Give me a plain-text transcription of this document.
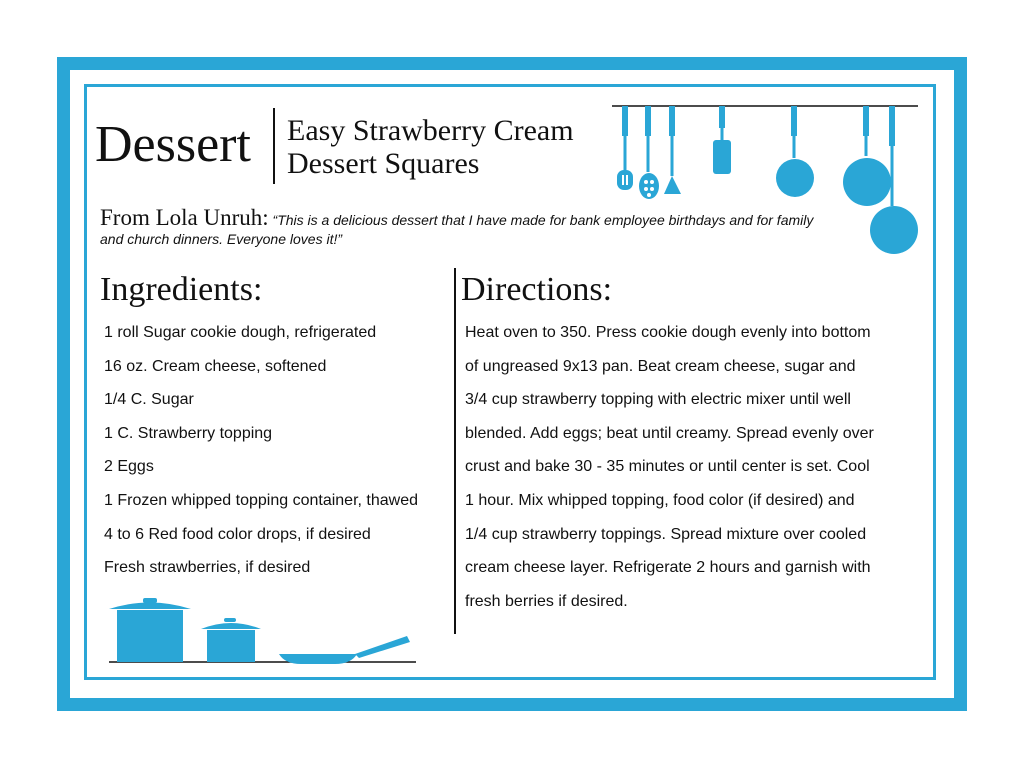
Dessert Easy Strawberry Cream
Dessert Squares
From Lola Unruh: “This is a delicious dessert that I have made for bank employee birthdays and for family and church dinners. Everyone loves it!”
Ingredients:
1 roll Sugar cookie dough, refrigerated
16 oz. Cream cheese, softened
1/4 C. Sugar
1 C. Strawberry topping
2 Eggs
1 Frozen whipped topping container, thawed
4 to 6 Red food color drops, if desired
Fresh strawberries, if desired
Directions:
Heat oven to 350. Press cookie dough evenly into bottom
of ungreased 9x13 pan. Beat cream cheese, sugar and
3/4 cup strawberry topping with electric mixer until well
blended. Add eggs; beat until creamy. Spread evenly over
crust and bake 30 - 35 minutes or until center is set. Cool
1 hour. Mix whipped topping, food color (if desired) and
1/4 cup strawberry toppings. Spread mixture over cooled
cream cheese layer. Refrigerate 2 hours and garnish with
fresh berries if desired.
